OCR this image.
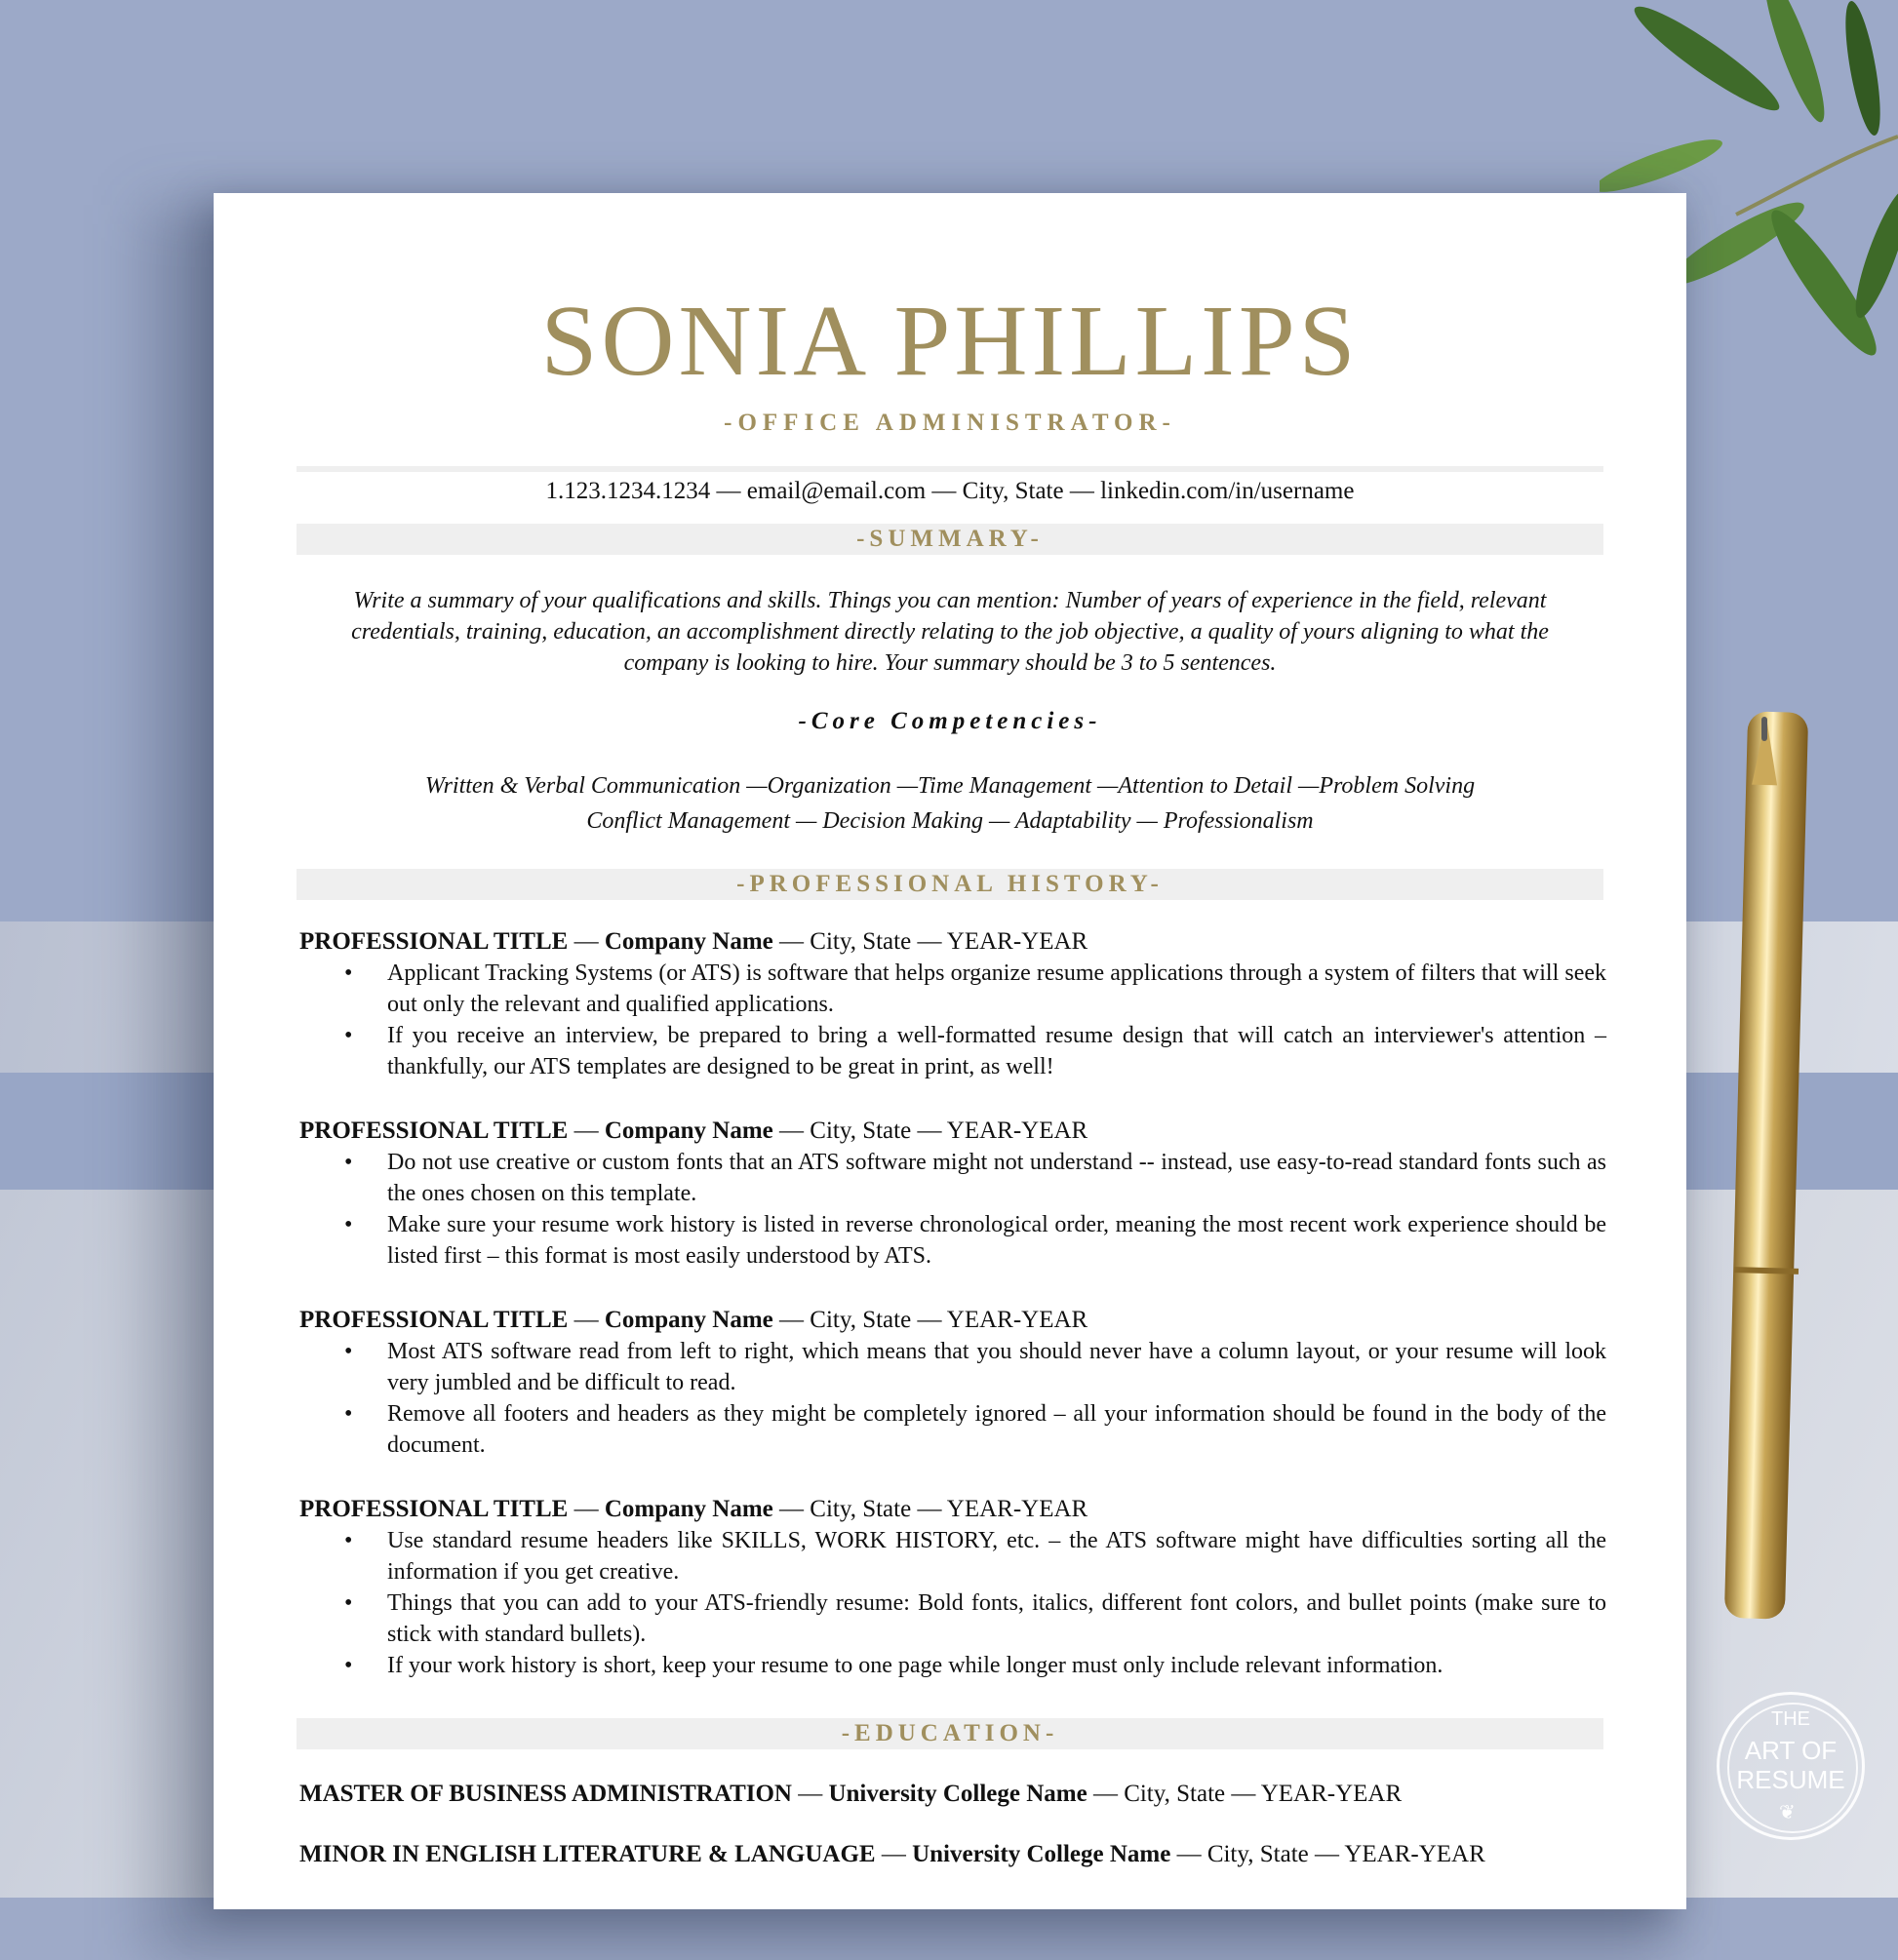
SONIA PHILLIPS
-OFFICE ADMINISTRATOR-
1.123.1234.1234 — email@email.com — City, State — linkedin.com/in/username
-SUMMARY-
Write a summary of your qualifications and skills. Things you can mention: Number of years of experience in the field, relevant credentials, training, education, an accomplishment directly relating to the job objective, a quality of yours aligning to what the company is looking to hire. Your summary should be 3 to 5 sentences.
-Core Competencies-
Written & Verbal Communication —Organization —Time Management —Attention to Detail —Problem Solving
Conflict Management — Decision Making — Adaptability — Professionalism
-PROFESSIONAL HISTORY-
PROFESSIONAL TITLE — Company Name — City, State — YEAR-YEAR
• Applicant Tracking Systems (or ATS) is software that helps organize resume applications through a system of filters that will seek out only the relevant and qualified applications.
• If you receive an interview, be prepared to bring a well-formatted resume design that will catch an interviewer's attention – thankfully, our ATS templates are designed to be great in print, as well!
PROFESSIONAL TITLE — Company Name — City, State — YEAR-YEAR
• Do not use creative or custom fonts that an ATS software might not understand -- instead, use easy-to-read standard fonts such as the ones chosen on this template.
• Make sure your resume work history is listed in reverse chronological order, meaning the most recent work experience should be listed first – this format is most easily understood by ATS.
PROFESSIONAL TITLE — Company Name — City, State — YEAR-YEAR
• Most ATS software read from left to right, which means that you should never have a column layout, or your resume will look very jumbled and be difficult to read.
• Remove all footers and headers as they might be completely ignored – all your information should be found in the body of the document.
PROFESSIONAL TITLE — Company Name — City, State — YEAR-YEAR
• Use standard resume headers like SKILLS, WORK HISTORY, etc. – the ATS software might have difficulties sorting all the information if you get creative.
• Things that you can add to your ATS-friendly resume: Bold fonts, italics, different font colors, and bullet points (make sure to stick with standard bullets).
• If your work history is short, keep your resume to one page while longer must only include relevant information.
-EDUCATION-
MASTER OF BUSINESS ADMINISTRATION — University College Name — City, State — YEAR-YEAR
MINOR IN ENGLISH LITERATURE & LANGUAGE — University College Name — City, State — YEAR-YEAR
THE
ART OF
RESUME
❦
